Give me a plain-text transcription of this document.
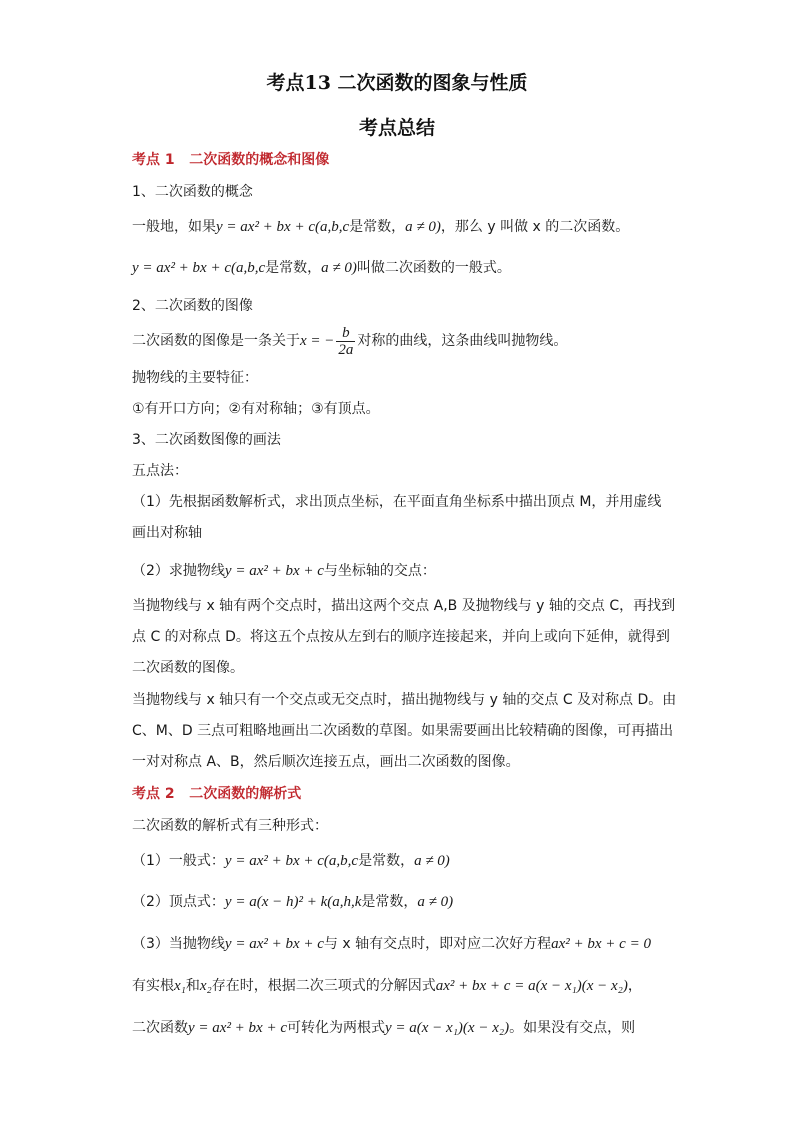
考点13 二次函数的图象与性质
考点总结
考点 1 二次函数的概念和图像
1、二次函数的概念
一般地，如果y = ax² + bx + c(a,b,c是常数，a ≠ 0)，那么 y 叫做 x 的二次函数。
y = ax² + bx + c(a,b,c是常数，a ≠ 0)叫做二次函数的一般式。
2、二次函数的图像
二次函数的图像是一条关于x = − $\frac{b}{2a}$ 对称的曲线，这条曲线叫抛物线。
抛物线的主要特征：
①有开口方向；②有对称轴；③有顶点。
3、二次函数图像的画法
五点法：
（1）先根据函数解析式，求出顶点坐标，在平面直角坐标系中描出顶点 M，并用虚线
画出对称轴
（2）求抛物线y = ax² + bx + c与坐标轴的交点：
当抛物线与 x 轴有两个交点时，描出这两个交点 A,B 及抛物线与 y 轴的交点 C，再找到
点 C 的对称点 D。将这五个点按从左到右的顺序连接起来，并向上或向下延伸，就得到
二次函数的图像。
当抛物线与 x 轴只有一个交点或无交点时，描出抛物线与 y 轴的交点 C 及对称点 D。由
C、M、D 三点可粗略地画出二次函数的草图。如果需要画出比较精确的图像，可再描出
一对对称点 A、B，然后顺次连接五点，画出二次函数的图像。
考点 2 二次函数的解析式
二次函数的解析式有三种形式：
（1）一般式：y = ax² + bx + c(a,b,c是常数，a ≠ 0)
（2）顶点式：y = a(x − h)² + k(a,h,k是常数，a ≠ 0)
（3）当抛物线y = ax² + bx + c与 x 轴有交点时，即对应二次好方程ax² + bx + c = 0
有实根x₁和x₂存在时，根据二次三项式的分解因式ax² + bx + c = a(x − x₁)(x − x₂)，
二次函数y = ax² + bx + c可转化为两根式y = a(x − x₁)(x − x₂)。如果没有交点，则
